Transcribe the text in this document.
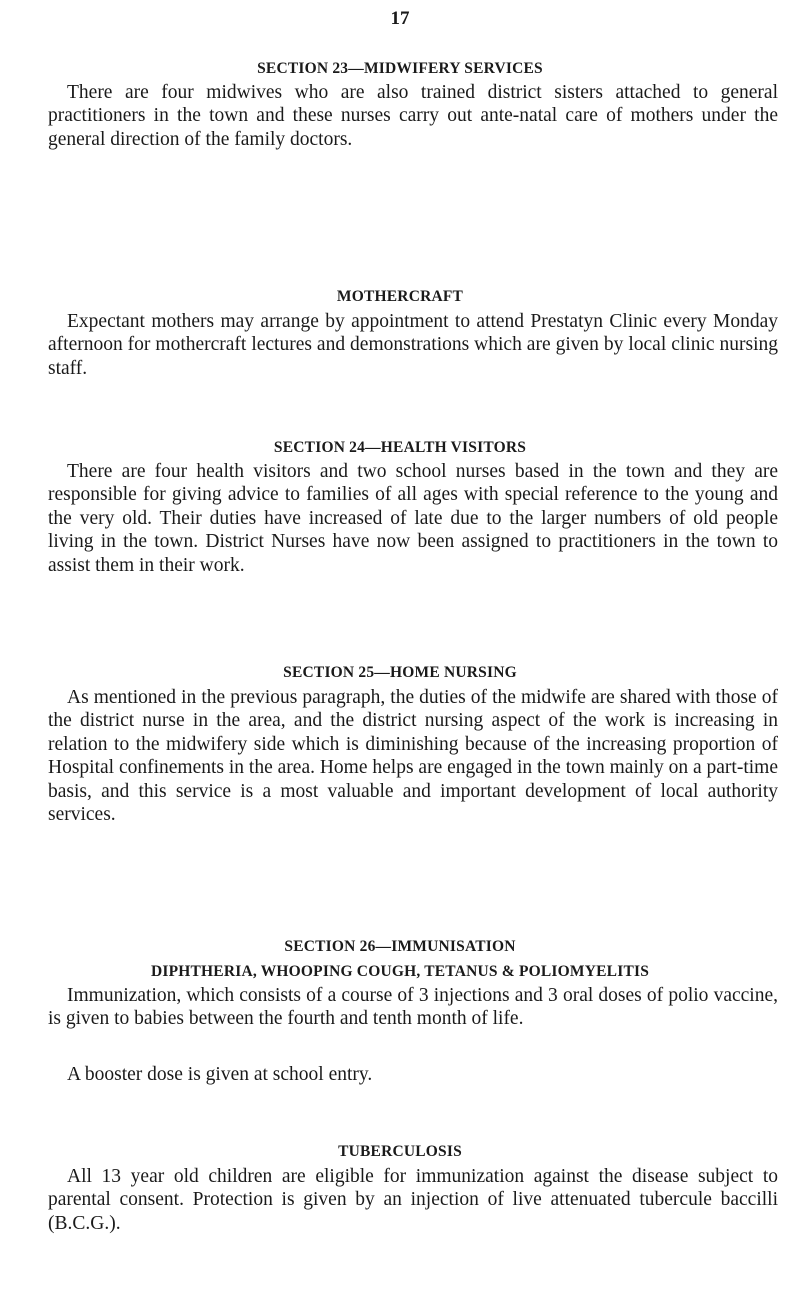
17
SECTION 23—MIDWIFERY SERVICES

There are four midwives who are also trained district sisters attached to general practitioners in the town and these nurses carry out ante-natal care of mothers under the general direction of the family doctors.

MOTHERCRAFT

Expectant mothers may arrange by appointment to attend Prestatyn Clinic every Monday afternoon for mothercraft lectures and demonstrations which are given by local clinic nursing staff.

SECTION 24—HEALTH VISITORS

There are four health visitors and two school nurses based in the town and they are responsible for giving advice to families of all ages with special reference to the young and the very old. Their duties have increased of late due to the larger numbers of old people living in the town. District Nurses have now been assigned to practitioners in the town to assist them in their work.

SECTION 25—HOME NURSING

As mentioned in the previous paragraph, the duties of the midwife are shared with those of the district nurse in the area, and the district nursing aspect of the work is increasing in relation to the midwifery side which is diminishing because of the increasing proportion of Hospital confinements in the area. Home helps are engaged in the town mainly on a part-time basis, and this service is a most valuable and important development of local authority services.

SECTION 26—IMMUNISATION
DIPHTHERIA, WHOOPING COUGH, TETANUS & POLIOMYELITIS

Immunization, which consists of a course of 3 injections and 3 oral doses of polio vaccine, is given to babies between the fourth and tenth month of life.

A booster dose is given at school entry.

TUBERCULOSIS

All 13 year old children are eligible for immunization against the disease subject to parental consent. Protection is given by an injection of live attenuated tubercule baccilli (B.C.G.).
